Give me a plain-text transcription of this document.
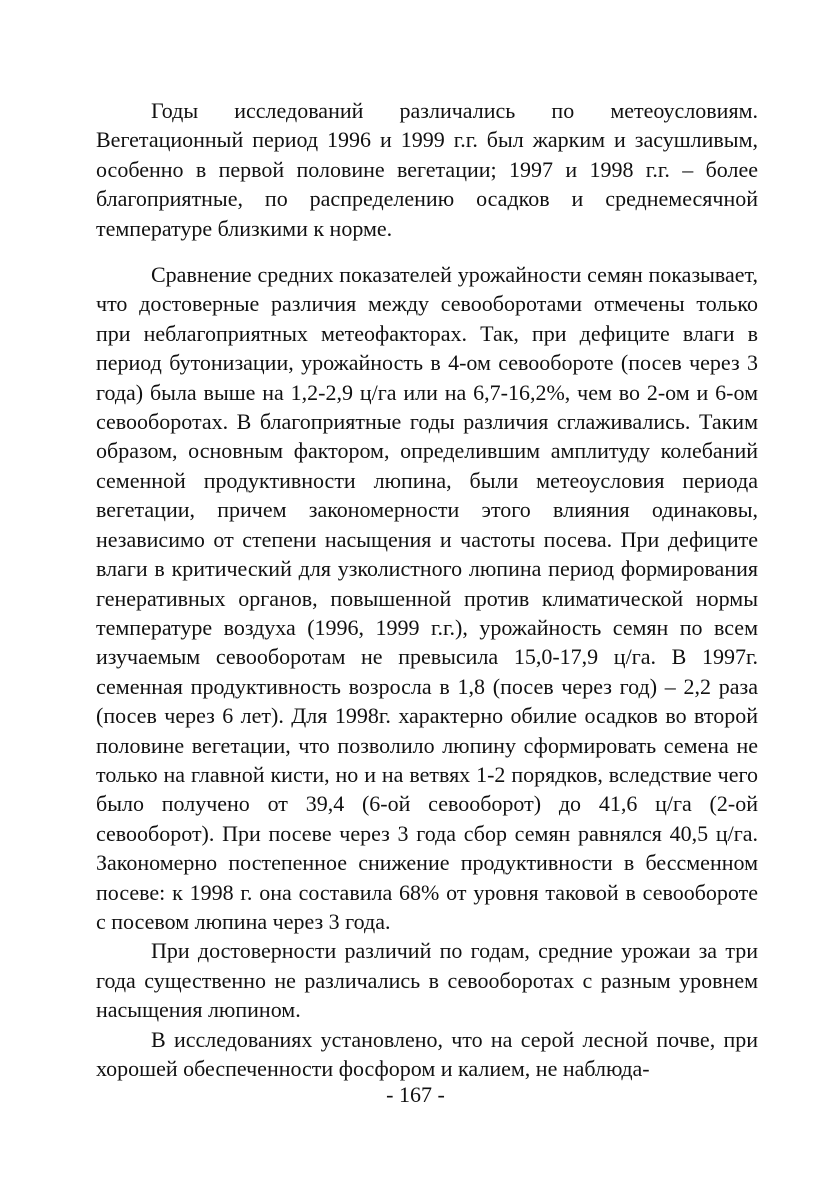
Годы исследований различались по метеоусловиям. Вегетационный период 1996 и 1999 г.г. был жарким и засушливым, особенно в первой половине вегетации; 1997 и 1998 г.г. – более благоприятные, по распределению осадков и среднемесячной температуре близкими к норме.

Сравнение средних показателей урожайности семян показывает, что достоверные различия между севооборотами отмечены только при неблагоприятных метеофакторах. Так, при дефиците влаги в период бутонизации, урожайность в 4-ом севообороте (посев через 3 года) была выше на 1,2-2,9 ц/га или на 6,7-16,2%, чем во 2-ом и 6-ом севооборотах. В благоприятные годы различия сглаживались. Таким образом, основным фактором, определившим амплитуду колебаний семенной продуктивности люпина, были метеоусловия периода вегетации, причем закономерности этого влияния одинаковы, независимо от степени насыщения и частоты посева. При дефиците влаги в критический для узколистного люпина период формирования генеративных органов, повышенной против климатической нормы температуре воздуха (1996, 1999 г.г.), урожайность семян по всем изучаемым севооборотам не превысила 15,0-17,9 ц/га. В 1997г. семенная продуктивность возросла в 1,8 (посев через год) – 2,2 раза (посев через 6 лет). Для 1998г. характерно обилие осадков во второй половине вегетации, что позволило люпину сформировать семена не только на главной кисти, но и на ветвях 1-2 порядков, вследствие чего было получено от 39,4 (6-ой севооборот) до 41,6 ц/га (2-ой севооборот). При посеве через 3 года сбор семян равнялся 40,5 ц/га. Закономерно постепенное снижение продуктивности в бессменном посеве: к 1998 г. она составила 68% от уровня таковой в севообороте с посевом люпина через 3 года.

При достоверности различий по годам, средние урожаи за три года существенно не различались в севооборотах с разным уровнем насыщения люпином.

В исследованиях установлено, что на серой лесной почве, при хорошей обеспеченности фосфором и калием, не наблюда-

- 167 -
